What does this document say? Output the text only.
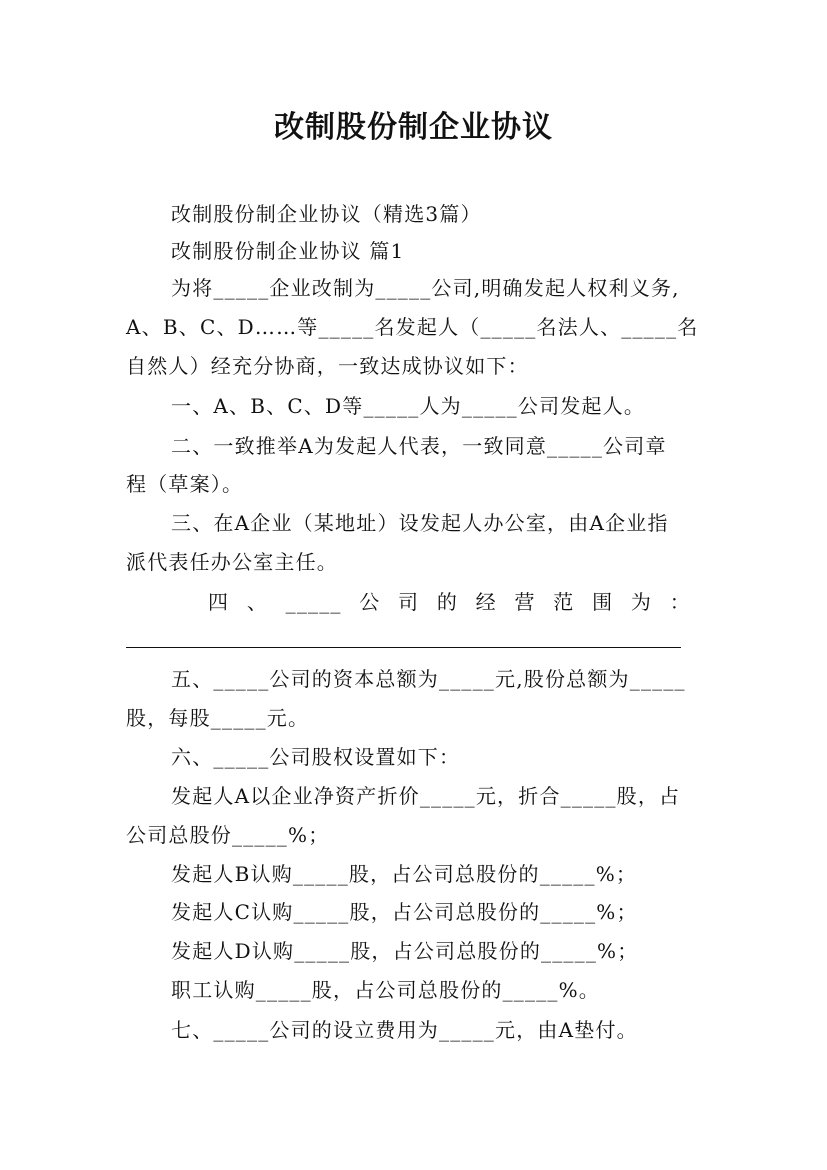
改制股份制企业协议
改制股份制企业协议（精选3篇）
改制股份制企业协议 篇1
为将_____企业改制为_____公司,明确发起人权利义务,
A、B、C、D……等_____名发起人（_____名法人、_____名
自然人）经充分协商，一致达成协议如下：
一、A、B、C、D等_____人为_____公司发起人。
二、一致推举A为发起人代表，一致同意_____公司章
程（草案）。
三、在A企业（某地址）设发起人办公室，由A企业指
派代表任办公室主任。
四 、 _____ 公 司 的 经 营 范 围 为 ：
五、_____公司的资本总额为_____元,股份总额为_____
股，每股_____元。
六、_____公司股权设置如下：
发起人A以企业净资产折价_____元，折合_____股，占
公司总股份_____%；
发起人B认购_____股，占公司总股份的_____%；
发起人C认购_____股，占公司总股份的_____%；
发起人D认购_____股，占公司总股份的_____%；
职工认购_____股，占公司总股份的_____%。
七、_____公司的设立费用为_____元，由A垫付。
